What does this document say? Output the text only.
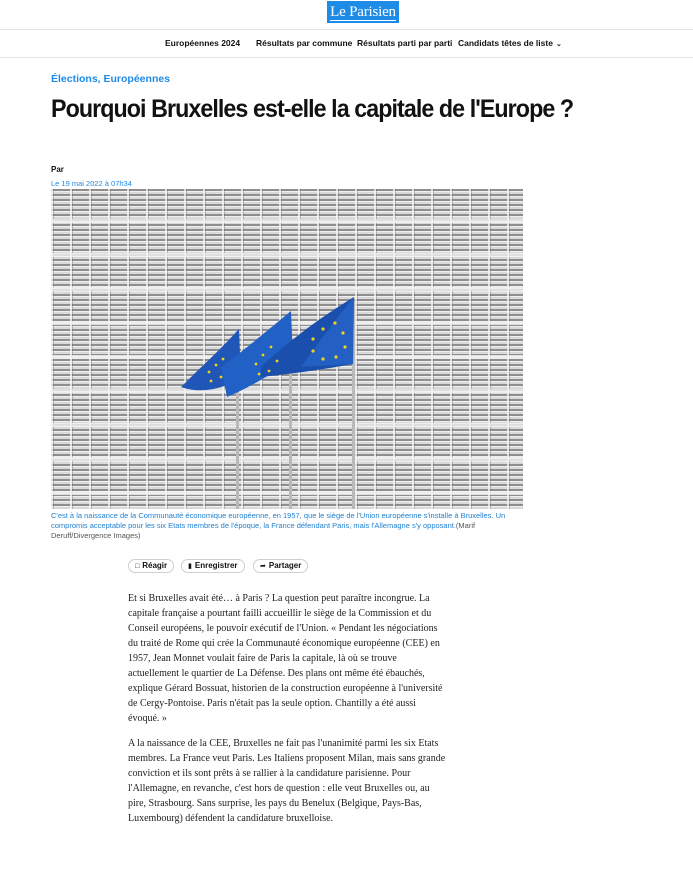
Le Parisien
Européennes 2024 Résultats par commune Résultats parti par parti Candidats têtes de liste ⌄
Élections, Européennes
Pourquoi Bruxelles est-elle la capitale de l'Europe ?
Par
Le 19 mai 2022 à 07h34
C'est à la naissance de la Communauté économique européenne, en 1957, que le siège de l'Union européenne s'installe à Bruxelles. Un compromis acceptable pour les six Etats membres de l'époque, la France défendant Paris, mais l'Allemagne s'y opposant.(Marif Deruff/Divergence Images)
□ Réagir	▮ Enregistrer	➦ Partager

Et si Bruxelles avait été… à Paris ? La question peut paraître incongrue. La capitale française a pourtant failli accueillir le siège de la Commission et du Conseil européens, le pouvoir exécutif de l'Union. « Pendant les négociations du traité de Rome qui crée la Communauté économique européenne (CEE) en 1957, Jean Monnet voulait faire de Paris la capitale, là où se trouve actuellement le quartier de La Défense. Des plans ont même été ébauchés, explique Gérard Bossuat, historien de la construction européenne à l'université de Cergy-Pontoise. Paris n'était pas la seule option. Chantilly a été aussi évoqué. »

A la naissance de la CEE, Bruxelles ne fait pas l'unanimité parmi les six Etats membres. La France veut Paris. Les Italiens proposent Milan, mais sans grande conviction et ils sont prêts à se rallier à la candidature parisienne. Pour l'Allemagne, en revanche, c'est hors de question : elle veut Bruxelles ou, au pire, Strasbourg. Sans surprise, les pays du Benelux (Belgique, Pays-Bas, Luxembourg) défendent la candidature bruxelloise.
